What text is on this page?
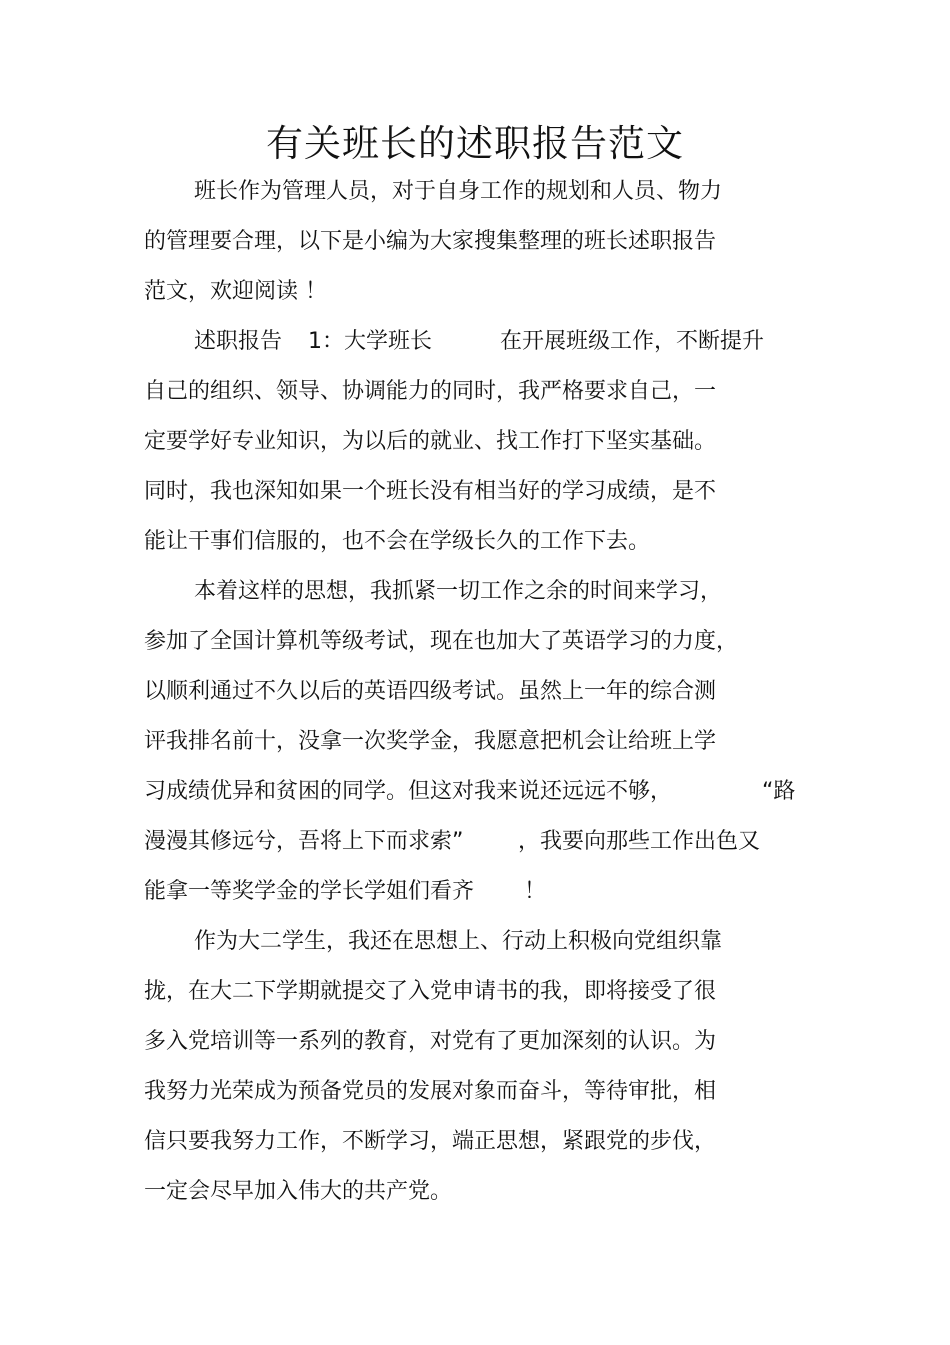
有关班长的述职报告范文

班长作为管理人员，对于自身工作的规划和人员、物力

的管理要合理，以下是小编为大家搜集整理的班长述职报告

范文，欢迎阅读 ！

述职报告 1：大学班长	在开展班级工作，不断提升

自己的组织、领导、协调能力的同时，我严格要求自己，一

定要学好专业知识，为以后的就业、找工作打下坚实基础。

同时，我也深知如果一个班长没有相当好的学习成绩，是不

能让干事们信服的，也不会在学级长久的工作下去。

本着这样的思想，我抓紧一切工作之余的时间来学习，

参加了全国计算机等级考试，现在也加大了英语学习的力度，

以顺利通过不久以后的英语四级考试。虽然上一年的综合测

评我排名前十，没拿一次奖学金，我愿意把机会让给班上学

习成绩优异和贫困的同学。但这对我来说还远远不够，	“路
漫漫其修远兮，吾将上下而求索” ，我要向那些工作出色又
能拿一等奖学金的学长学姐们看齐 ！

作为大二学生，我还在思想上、行动上积极向党组织靠

拢，在大二下学期就提交了入党申请书的我，即将接受了很

多入党培训等一系列的教育，对党有了更加深刻的认识。为

我努力光荣成为预备党员的发展对象而奋斗，等待审批，相

信只要我努力工作，不断学习，端正思想，紧跟党的步伐，

一定会尽早加入伟大的共产党。
